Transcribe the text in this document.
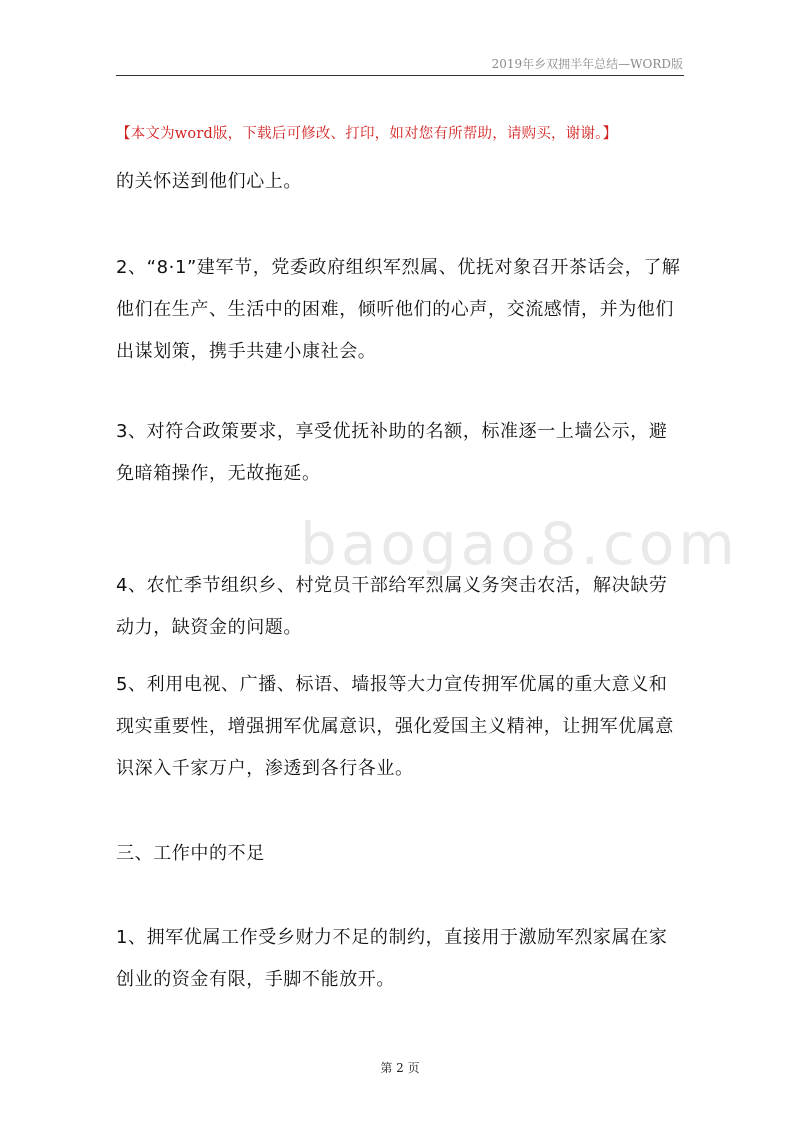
2019年乡双拥半年总结—WORD版
【本文为word版，下载后可修改、打印，如对您有所帮助，请购买，谢谢。】
baogao8.com
的关怀送到他们心上。
2、“8·1”建军节，党委政府组织军烈属、优抚对象召开茶话会，了解他们在生产、生活中的困难，倾听他们的心声，交流感情，并为他们出谋划策，携手共建小康社会。
3、对符合政策要求，享受优抚补助的名额，标准逐一上墙公示，避免暗箱操作，无故拖延。
4、农忙季节组织乡、村党员干部给军烈属义务突击农活，解决缺劳动力，缺资金的问题。
5、利用电视、广播、标语、墙报等大力宣传拥军优属的重大意义和现实重要性，增强拥军优属意识，强化爱国主义精神，让拥军优属意识深入千家万户，渗透到各行各业。
三、工作中的不足
1、拥军优属工作受乡财力不足的制约，直接用于激励军烈家属在家创业的资金有限，手脚不能放开。
第 2 页
